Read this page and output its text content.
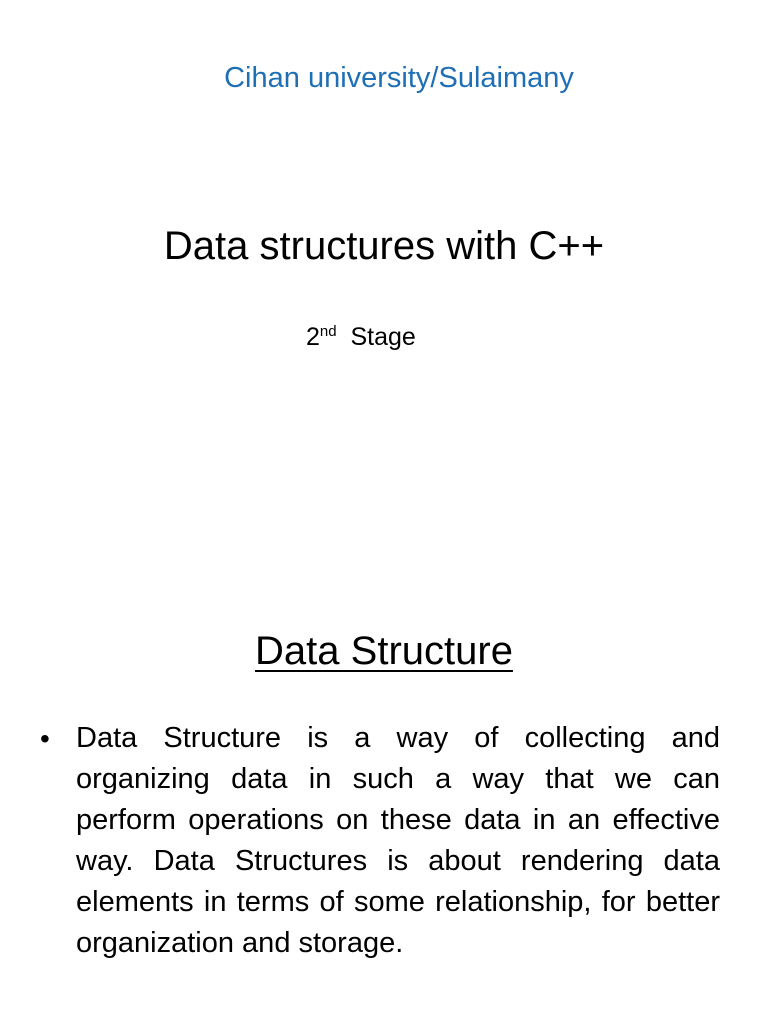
Cihan university/Sulaimany
Data structures with C++
2nd Stage
Data Structure
• Data Structure is a way of collecting and organizing data in such a way that we can perform operations on these data in an effective way. Data Structures is about rendering data elements in terms of some relationship, for better organization and storage.
